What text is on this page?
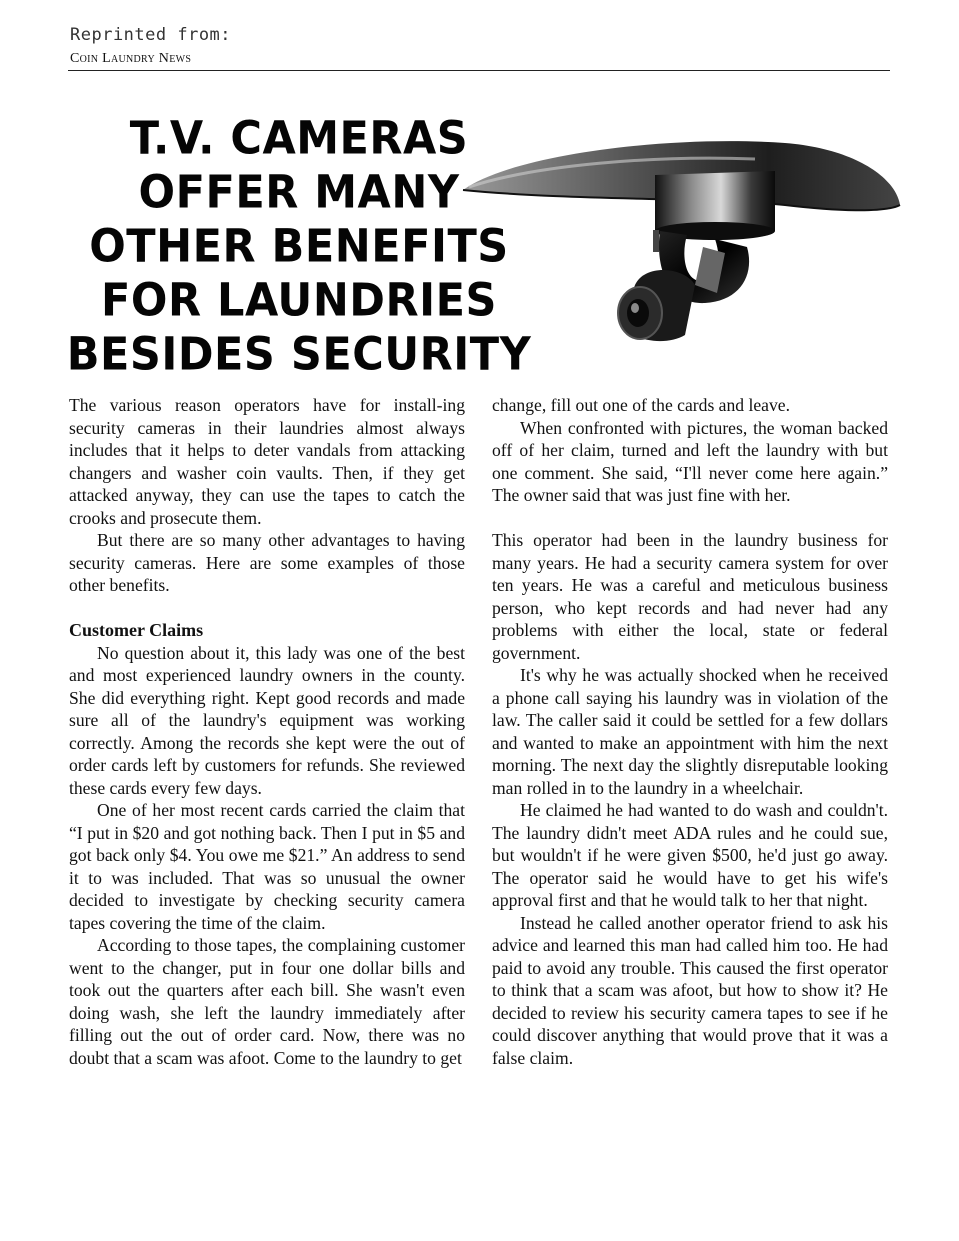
Reprinted from:
Coin Laundry News
T.V. CAMERAS
OFFER MANY
OTHER BENEFITS
FOR LAUNDRIES
BESIDES SECURITY

The various reason operators have for install-ing security cameras in their laundries almost always includes that it helps to deter vandals from attacking changers and washer coin vaults. Then, if they get attacked anyway, they can use the tapes to catch the crooks and prosecute them.

But there are so many other advantages to having security cameras. Here are some examples of those other benefits.

Customer Claims

No question about it, this lady was one of the best and most experienced laundry owners in the county. She did everything right. Kept good records and made sure all of the laundry's equipment was working correctly. Among the records she kept were the out of order cards left by customers for refunds. She reviewed these cards every few days.

One of her most recent cards carried the claim that “I put in $20 and got nothing back. Then I put in $5 and got back only $4. You owe me $21.” An address to send it to was included. That was so unusual the owner decided to investigate by checking security camera tapes covering the time of the claim.

According to those tapes, the complaining customer went to the changer, put in four one dollar bills and took out the quarters after each bill. She wasn't even doing wash, she left the laundry immediately after filling out the out of order card. Now, there was no doubt that a scam was afoot. Come to the laundry to get

change, fill out one of the cards and leave.

When confronted with pictures, the woman backed off of her claim, turned and left the laundry with but one comment. She said, “I'll never come here again.” The owner said that was just fine with her.

This operator had been in the laundry business for many years. He had a security camera system for over ten years. He was a careful and meticulous business person, who kept records and had never had any problems with either the local, state or federal government.

It's why he was actually shocked when he received a phone call saying his laundry was in violation of the law. The caller said it could be settled for a few dollars and wanted to make an appointment with him the next morning. The next day the slightly disreputable looking man rolled in to the laundry in a wheelchair.

He claimed he had wanted to do wash and couldn't. The laundry didn't meet ADA rules and he could sue, but wouldn't if he were given $500, he'd just go away. The operator said he would have to get his wife's approval first and that he would talk to her that night.

Instead he called another operator friend to ask his advice and learned this man had called him too. He had paid to avoid any trouble. This caused the first operator to think that a scam was afoot, but how to show it? He decided to review his security camera tapes to see if he could discover anything that would prove that it was a false claim.
